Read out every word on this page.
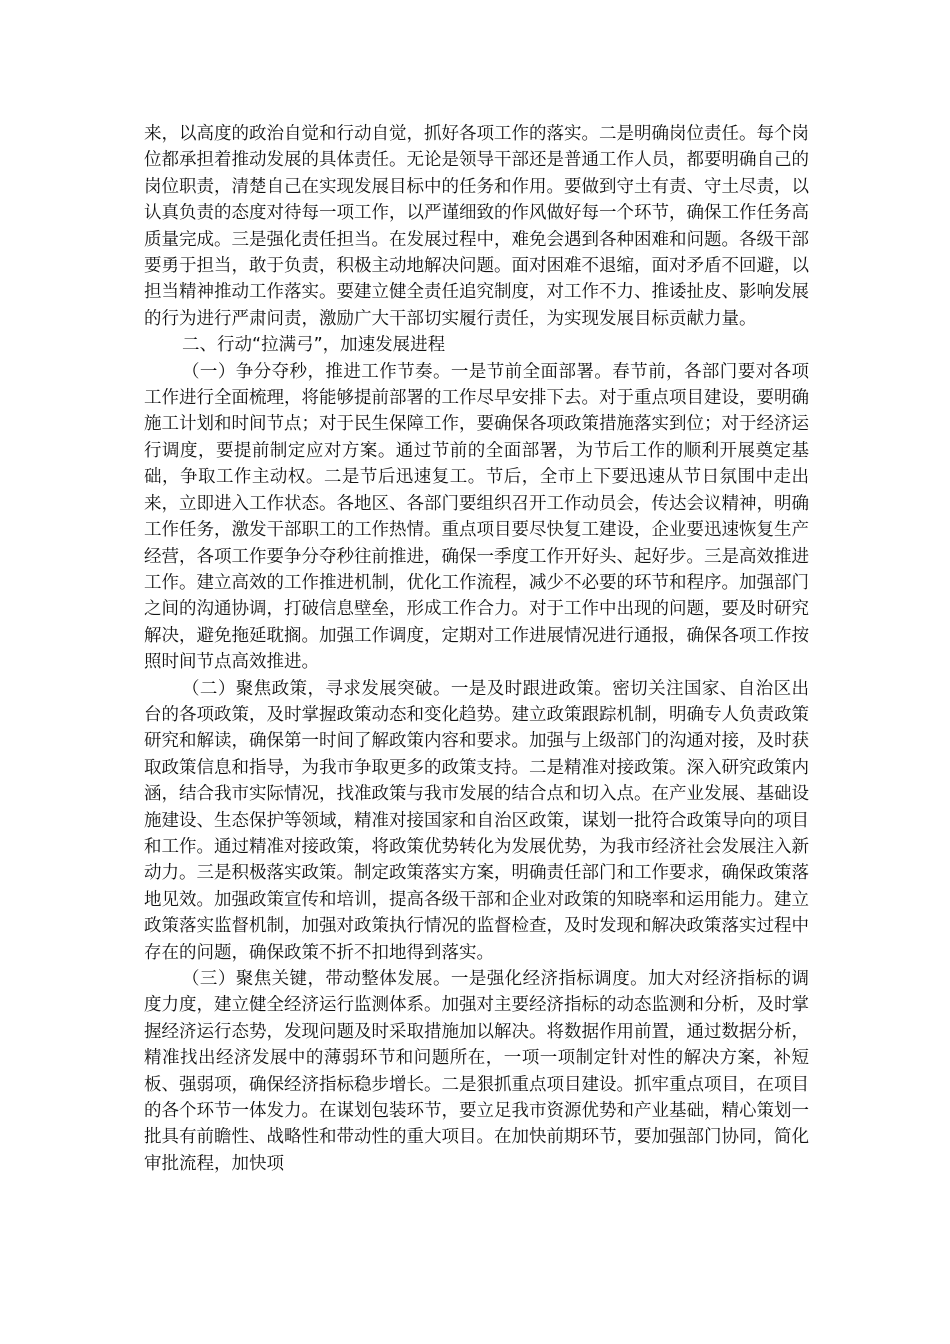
来，以高度的政治自觉和行动自觉，抓好各项工作的落实。二是明确岗位责任。每个岗位都承担着推动发展的具体责任。无论是领导干部还是普通工作人员，都要明确自己的岗位职责，清楚自己在实现发展目标中的任务和作用。要做到守土有责、守土尽责，以认真负责的态度对待每一项工作，以严谨细致的作风做好每一个环节，确保工作任务高质量完成。三是强化责任担当。在发展过程中，难免会遇到各种困难和问题。各级干部要勇于担当，敢于负责，积极主动地解决问题。面对困难不退缩，面对矛盾不回避，以担当精神推动工作落实。要建立健全责任追究制度，对工作不力、推诿扯皮、影响发展的行为进行严肃问责，激励广大干部切实履行责任，为实现发展目标贡献力量。

二、行动“拉满弓”，加速发展进程

（一）争分夺秒，推进工作节奏。一是节前全面部署。春节前，各部门要对各项工作进行全面梳理，将能够提前部署的工作尽早安排下去。对于重点项目建设，要明确施工计划和时间节点；对于民生保障工作，要确保各项政策措施落实到位；对于经济运行调度，要提前制定应对方案。通过节前的全面部署，为节后工作的顺利开展奠定基础，争取工作主动权。二是节后迅速复工。节后，全市上下要迅速从节日氛围中走出来，立即进入工作状态。各地区、各部门要组织召开工作动员会，传达会议精神，明确工作任务，激发干部职工的工作热情。重点项目要尽快复工建设，企业要迅速恢复生产经营，各项工作要争分夺秒往前推进，确保一季度工作开好头、起好步。三是高效推进工作。建立高效的工作推进机制，优化工作流程，减少不必要的环节和程序。加强部门之间的沟通协调，打破信息壁垒，形成工作合力。对于工作中出现的问题，要及时研究解决，避免拖延耽搁。加强工作调度，定期对工作进展情况进行通报，确保各项工作按照时间节点高效推进。

（二）聚焦政策，寻求发展突破。一是及时跟进政策。密切关注国家、自治区出台的各项政策，及时掌握政策动态和变化趋势。建立政策跟踪机制，明确专人负责政策研究和解读，确保第一时间了解政策内容和要求。加强与上级部门的沟通对接，及时获取政策信息和指导，为我市争取更多的政策支持。二是精准对接政策。深入研究政策内涵，结合我市实际情况，找准政策与我市发展的结合点和切入点。在产业发展、基础设施建设、生态保护等领域，精准对接国家和自治区政策，谋划一批符合政策导向的项目和工作。通过精准对接政策，将政策优势转化为发展优势，为我市经济社会发展注入新动力。三是积极落实政策。制定政策落实方案，明确责任部门和工作要求，确保政策落地见效。加强政策宣传和培训，提高各级干部和企业对政策的知晓率和运用能力。建立政策落实监督机制，加强对政策执行情况的监督检查，及时发现和解决政策落实过程中存在的问题，确保政策不折不扣地得到落实。

（三）聚焦关键，带动整体发展。一是强化经济指标调度。加大对经济指标的调度力度，建立健全经济运行监测体系。加强对主要经济指标的动态监测和分析，及时掌握经济运行态势，发现问题及时采取措施加以解决。将数据作用前置，通过数据分析，精准找出经济发展中的薄弱环节和问题所在，一项一项制定针对性的解决方案，补短板、强弱项，确保经济指标稳步增长。二是狠抓重点项目建设。抓牢重点项目，在项目的各个环节一体发力。在谋划包装环节，要立足我市资源优势和产业基础，精心策划一批具有前瞻性、战略性和带动性的重大项目。在加快前期环节，要加强部门协同，简化审批流程，加快项
